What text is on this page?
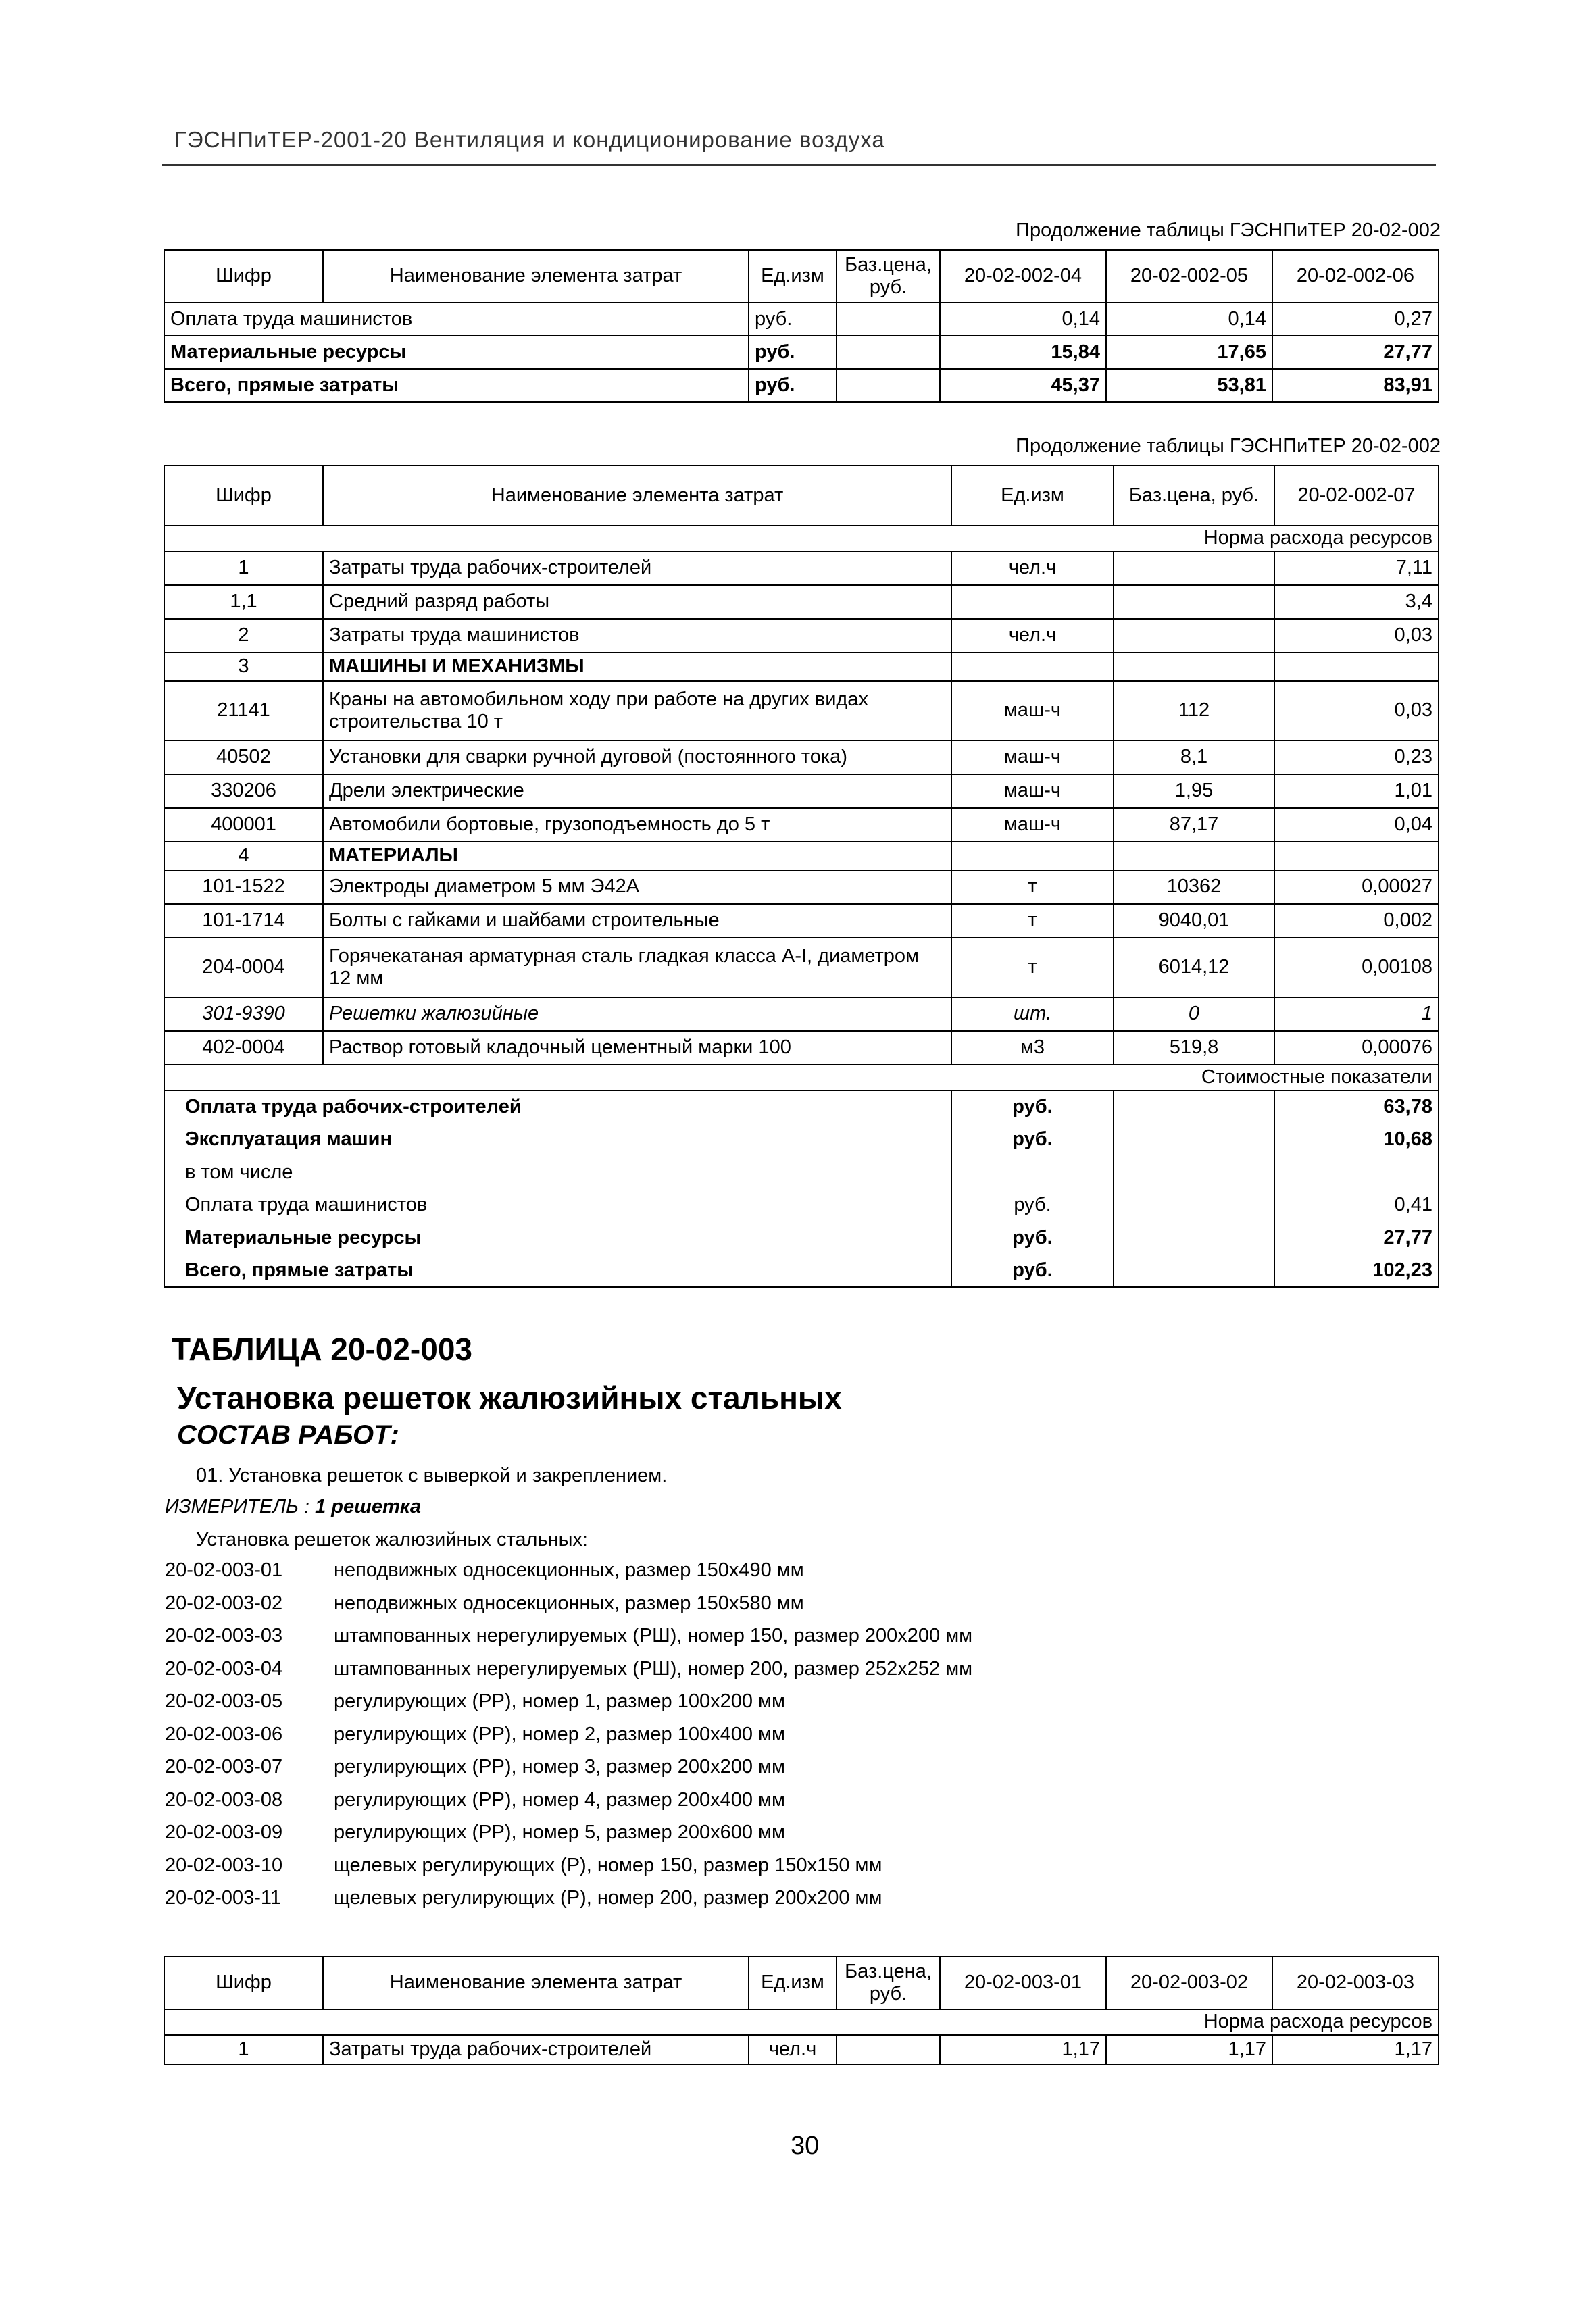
ГЭСНПиТЕР-2001-20 Вентиляция и кондиционирование воздуха
Продолжение таблицы ГЭСНПиТЕР 20-02-002
Шифр	Наименование элемента затрат	Ед.изм	Баз.цена, руб.	20-02-002-04	20-02-002-05	20-02-002-06
Оплата труда машинистов		руб.		0,14	0,14	0,27
Материальные ресурсы		руб.		15,84	17,65	27,77
Всего, прямые затраты		руб.		45,37	53,81	83,91
Продолжение таблицы ГЭСНПиТЕР 20-02-002
Шифр	Наименование элемента затрат	Ед.изм	Баз.цена, руб.	20-02-002-07
Норма расхода ресурсов				
1	Затраты труда рабочих-строителей	чел.ч		7,11
1,1	Средний разряд работы			3,4
2	Затраты труда машинистов	чел.ч		0,03
3	МАШИНЫ И МЕХАНИЗМЫ			
21141	Краны на автомобильном ходу при работе на других видах строительства 10 т	маш-ч	112	0,03
40502	Установки для сварки ручной дуговой (постоянного тока)	маш-ч	8,1	0,23
330206	Дрели электрические	маш-ч	1,95	1,01
400001	Автомобили бортовые, грузоподъемность до 5 т	маш-ч	87,17	0,04
4	МАТЕРИАЛЫ			
101-1522	Электроды диаметром 5 мм Э42А	т	10362	0,00027
101-1714	Болты с гайками и шайбами строительные	т	9040,01	0,002
204-0004	Горячекатаная арматурная сталь гладкая класса А-I, диаметром 12 мм	т	6014,12	0,00108
301-9390	Решетки жалюзийные	шт.	0	1
402-0004	Раствор готовый кладочный цементный марки 100	м3	519,8	0,00076
Стоимостные показатели				
Оплата труда рабочих-строителей		руб.		63,78
Эксплуатация машин		руб.		10,68
в том числе				
Оплата труда машинистов		руб.		0,41
Материальные ресурсы		руб.		27,77
Всего, прямые затраты		руб.		102,23
ТАБЛИЦА 20-02-003
Установка решеток жалюзийных стальных
СОСТАВ РАБОТ:
01. Установка решеток с выверкой и закреплением.
ИЗМЕРИТЕЛЬ : 1 решетка
Установка решеток жалюзийных стальных:
20-02-003-01	неподвижных односекционных, размер 150х490 мм
20-02-003-02	неподвижных односекционных, размер 150х580 мм
20-02-003-03	штампованных нерегулируемых (РШ), номер 150, размер 200х200 мм
20-02-003-04	штампованных нерегулируемых (РШ), номер 200, размер 252х252 мм
20-02-003-05	регулирующих (РР), номер 1, размер 100х200 мм
20-02-003-06	регулирующих (РР), номер 2, размер 100х400 мм
20-02-003-07	регулирующих (РР), номер 3, размер 200х200 мм
20-02-003-08	регулирующих (РР), номер 4, размер 200х400 мм
20-02-003-09	регулирующих (РР), номер 5, размер 200х600 мм
20-02-003-10	щелевых регулирующих (Р), номер 150, размер 150х150 мм
20-02-003-11	щелевых регулирующих (Р), номер 200, размер 200х200 мм
Шифр	Наименование элемента затрат	Ед.изм	Баз.цена, руб.	20-02-003-01	20-02-003-02	20-02-003-03
Норма расхода ресурсов						
1	Затраты труда рабочих-строителей	чел.ч		1,17	1,17	1,17
30
